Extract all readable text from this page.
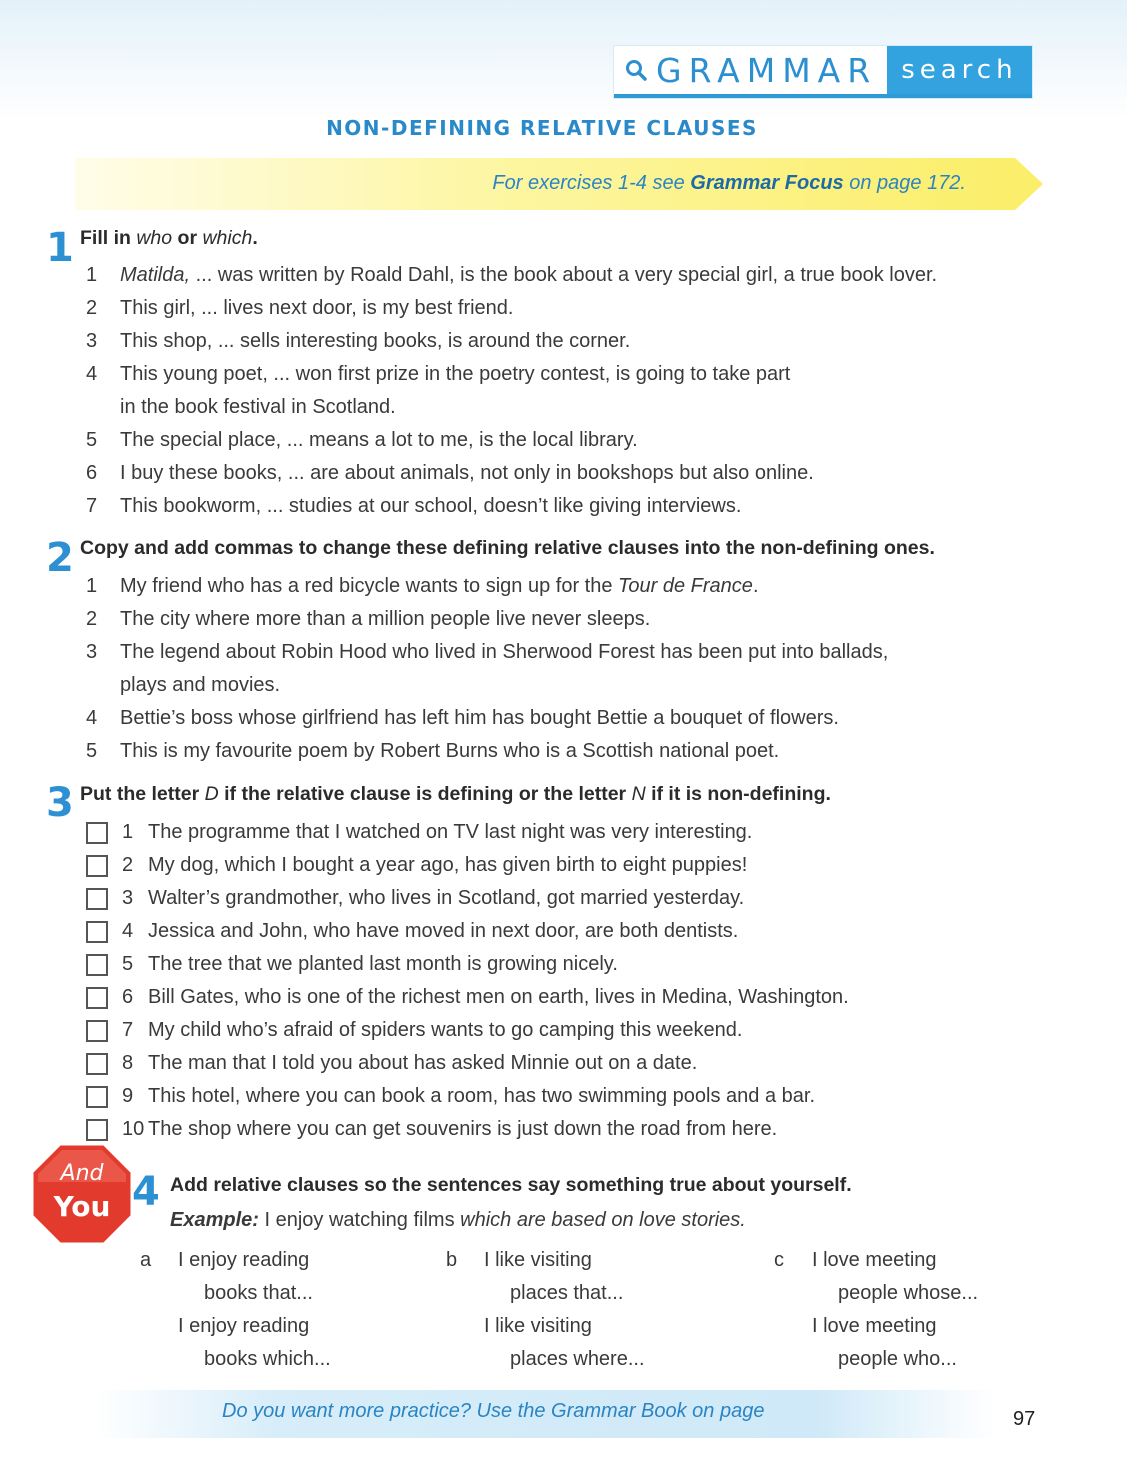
GRAMMAR search
NON-DEFINING RELATIVE CLAUSES
For exercises 1-4 see Grammar Focus on page 172.
1 Fill in who or which.
1 Matilda, ... was written by Roald Dahl, is the book about a very special girl, a true book lover.
2 This girl, ... lives next door, is my best friend.
3 This shop, ... sells interesting books, is around the corner.
4 This young poet, ... won first prize in the poetry contest, is going to take part
in the book festival in Scotland.
5 The special place, ... means a lot to me, is the local library.
6 I buy these books, ... are about animals, not only in bookshops but also online.
7 This bookworm, ... studies at our school, doesn’t like giving interviews.
2 Copy and add commas to change these defining relative clauses into the non-defining ones.
1 My friend who has a red bicycle wants to sign up for the Tour de France.
2 The city where more than a million people live never sleeps.
3 The legend about Robin Hood who lived in Sherwood Forest has been put into ballads,
plays and movies.
4 Bettie’s boss whose girlfriend has left him has bought Bettie a bouquet of flowers.
5 This is my favourite poem by Robert Burns who is a Scottish national poet.
3 Put the letter D if the relative clause is defining or the letter N if it is non-defining.
1 The programme that I watched on TV last night was very interesting.
2 My dog, which I bought a year ago, has given birth to eight puppies!
3 Walter’s grandmother, who lives in Scotland, got married yesterday.
4 Jessica and John, who have moved in next door, are both dentists.
5 The tree that we planted last month is growing nicely.
6 Bill Gates, who is one of the richest men on earth, lives in Medina, Washington.
7 My child who’s afraid of spiders wants to go camping this weekend.
8 The man that I told you about has asked Minnie out on a date.
9 This hotel, where you can book a room, has two swimming pools and a bar.
10 The shop where you can get souvenirs is just down the road from here.
And
You 4 Add relative clauses so the sentences say something true about yourself.
Example: I enjoy watching films which are based on love stories.
a I enjoy reading
books that...
I enjoy reading
books which...
b I like visiting
places that...
I like visiting
places where...
c I love meeting
people whose...
I love meeting
people who...
Do you want more practice? Use the Grammar Book on page	97
